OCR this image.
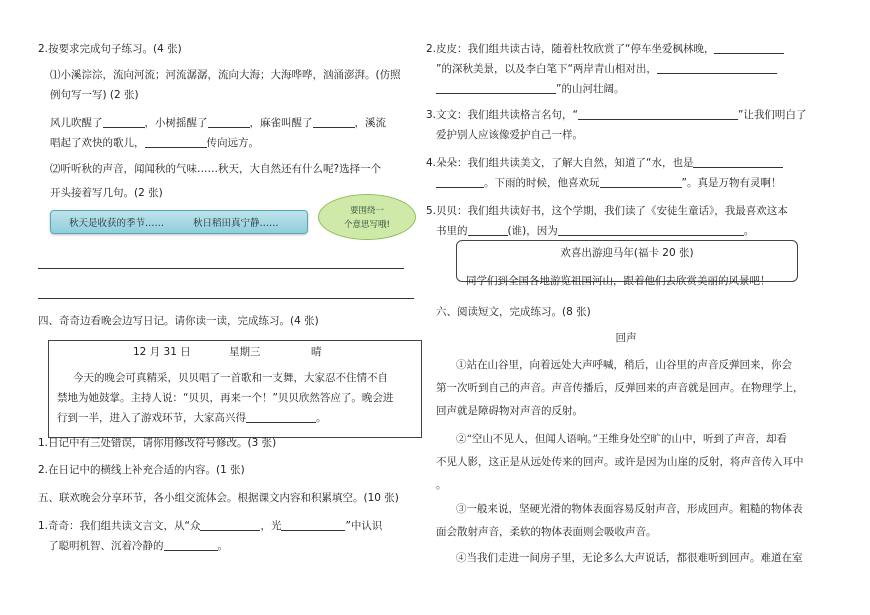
2.按要求完成句子练习。(4 张)
⑴小溪淙淙，流向河流；河流潺潺，流向大海；大海哗哗，汹涌澎湃。(仿照
例句写一写) (2 张)
风儿吹醒了	，小树摇醒了	，麻雀叫醒了	，溪流
唱起了欢快的歌儿，	传向远方。
⑵听听秋的声音，闻闻秋的气味……秋天，大自然还有什么呢?选择一个
开头接着写几句。(2 张)
秋天是收获的季节……	秋日稻田真宁静……
要围绕一
个意思写哦!
四、奇奇边看晚会边写日记。请你读一读，完成练习。(4 张)
12 月 31 日	星期三	晴
今天的晚会可真精采，贝贝唱了一首歌和一支舞，大家忍不住情不自
禁地为她鼓掌。主持人说：“贝贝，再来一个！”贝贝欣然答应了。晚会进
行到一半，进入了游戏环节，大家高兴得	。
1.日记中有三处错误，请你用修改符号修改。(3 张)
2.在日记中的横线上补充合适的内容。(1 张)
五、联欢晚会分享环节，各小组交流体会。根据课文内容和积累填空。(10 张)
1.奇奇：我们组共读文言文，从“众	，光	”中认识
了聪明机智、沉着冷静的	。
2.皮皮：我们组共读古诗，随着杜牧欣赏了“停车坐爱枫林晚，
”的深秋美景，以及李白笔下“两岸青山相对出，
”的山河壮阔。
3.文文：我们组共读格言名句，“	”让我们明白了
爱护别人应该像爱护自己一样。
4.朵朵：我们组共读美文，了解大自然，知道了“水，也是
。下雨的时候，他喜欢玩	”。真是万物有灵啊！
5.贝贝：我们组共读好书，这个学期，我们读了《安徒生童话》，我最喜欢这本
书里的	(谁)，因为	。
欢喜出游迎马年(福卡 20 张)
同学们到全国各地游览祖国河山，跟着他们去欣赏美丽的风景吧！
六、阅读短文，完成练习。(8 张)
回声
①站在山谷里，向着远处大声呼喊，稍后，山谷里的声音反弹回来，你会
第一次听到自己的声音。声音传播后，反弹回来的声音就是回声。在物理学上，
回声就是障碍物对声音的反射。
②“空山不见人，但闻人语响。”王维身处空旷的山中，听到了声音，却看
不见人影，这正是从远处传来的回声。或许是因为山崖的反射，将声音传入耳中
。
③一般来说，坚硬光滑的物体表面容易反射声音，形成回声。粗糙的物体表
面会散射声音，柔软的物体表面则会吸收声音。
④当我们走进一间房子里，无论多么大声说话，都很难听到回声。难道在室
